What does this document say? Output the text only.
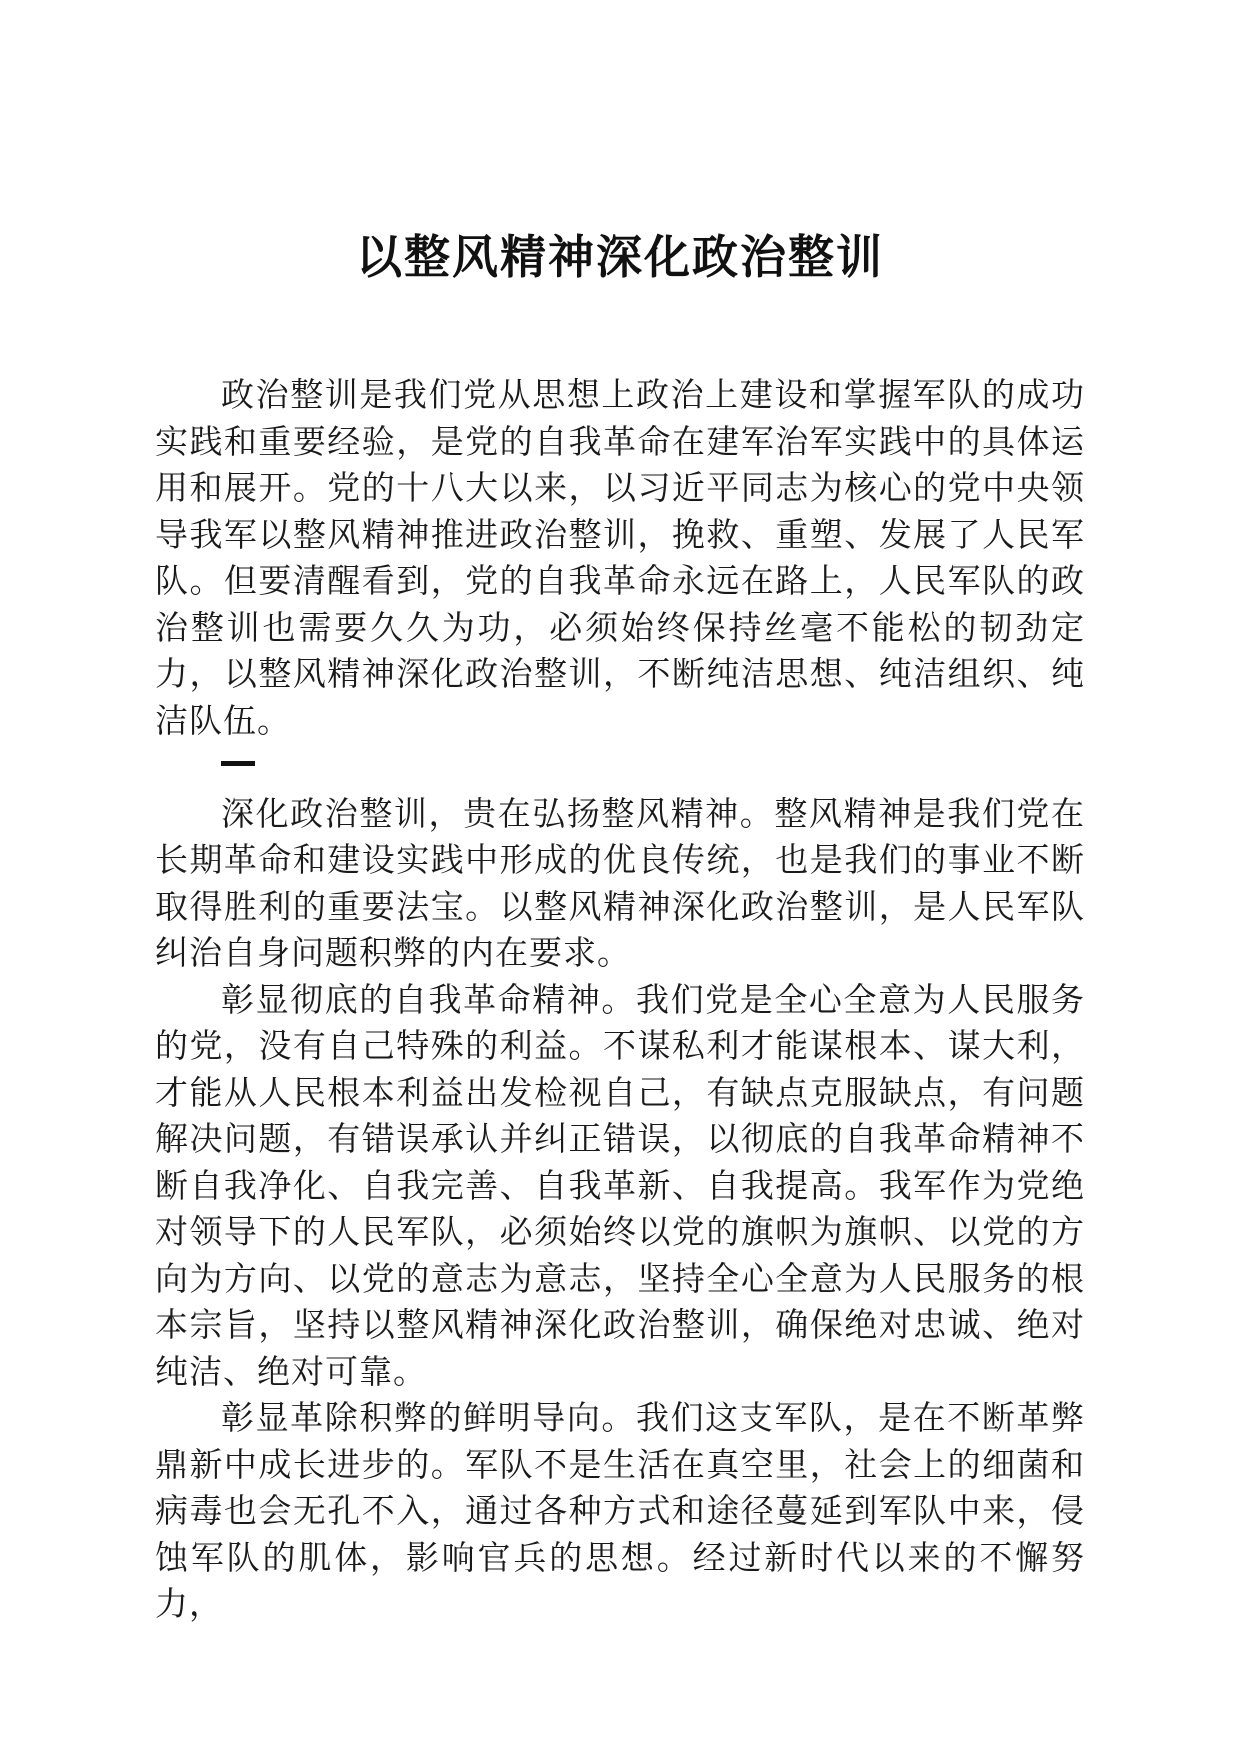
以整风精神深化政治整训

政治整训是我们党从思想上政治上建设和掌握军队的成功实践和重要经验，是党的自我革命在建军治军实践中的具体运用和展开。党的十八大以来，以习近平同志为核心的党中央领导我军以整风精神推进政治整训，挽救、重塑、发展了人民军队。但要清醒看到，党的自我革命永远在路上，人民军队的政治整训也需要久久为功，必须始终保持丝毫不能松的韧劲定力，以整风精神深化政治整训，不断纯洁思想、纯洁组织、纯洁队伍。

深化政治整训，贵在弘扬整风精神。整风精神是我们党在长期革命和建设实践中形成的优良传统，也是我们的事业不断取得胜利的重要法宝。以整风精神深化政治整训，是人民军队纠治自身问题积弊的内在要求。

彰显彻底的自我革命精神。我们党是全心全意为人民服务的党，没有自己特殊的利益。不谋私利才能谋根本、谋大利，才能从人民根本利益出发检视自己，有缺点克服缺点，有问题解决问题，有错误承认并纠正错误，以彻底的自我革命精神不断自我净化、自我完善、自我革新、自我提高。我军作为党绝对领导下的人民军队，必须始终以党的旗帜为旗帜、以党的方向为方向、以党的意志为意志，坚持全心全意为人民服务的根本宗旨，坚持以整风精神深化政治整训，确保绝对忠诚、绝对纯洁、绝对可靠。

彰显革除积弊的鲜明导向。我们这支军队，是在不断革弊鼎新中成长进步的。军队不是生活在真空里，社会上的细菌和病毒也会无孔不入，通过各种方式和途径蔓延到军队中来，侵蚀军队的肌体，影响官兵的思想。经过新时代以来的不懈努力，
